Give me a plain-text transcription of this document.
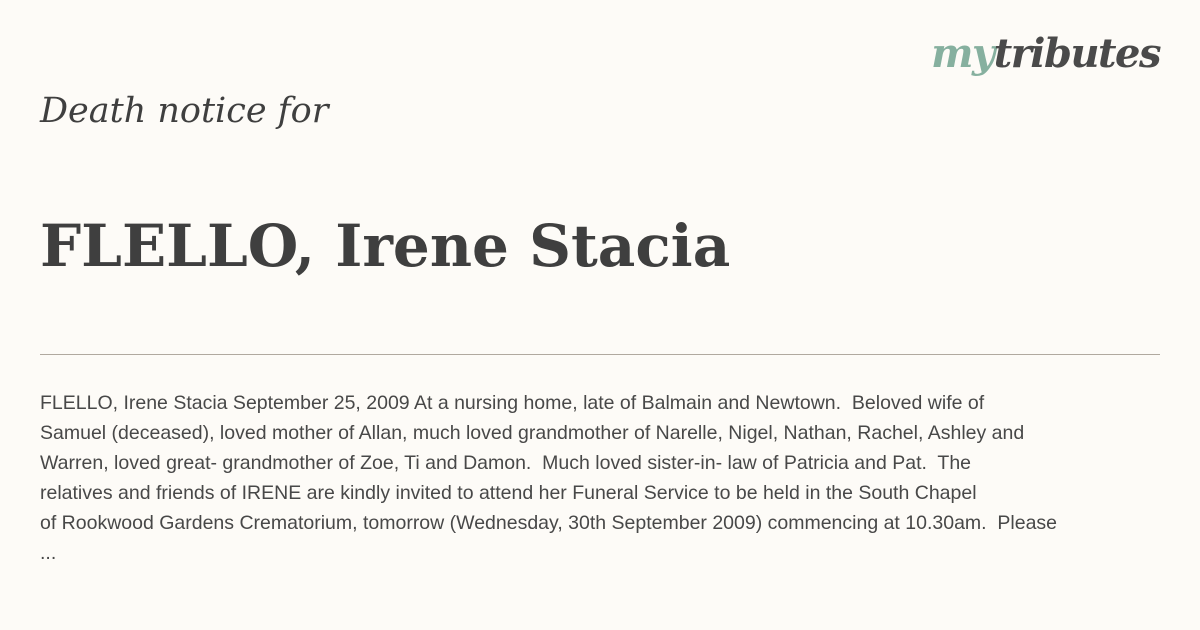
mytributes
Death notice for
FLELLO, Irene Stacia
FLELLO, Irene Stacia September 25, 2009 At a nursing home, late of Balmain and Newtown.  Beloved wife of
Samuel (deceased), loved mother of Allan, much loved grandmother of Narelle, Nigel, Nathan, Rachel, Ashley and
Warren, loved great- grandmother of Zoe, Ti and Damon.  Much loved sister-in- law of Patricia and Pat.  The
relatives and friends of IRENE are kindly invited to attend her Funeral Service to be held in the South Chapel
of Rookwood Gardens Crematorium, tomorrow (Wednesday, 30th September 2009) commencing at 10.30am.  Please
...
